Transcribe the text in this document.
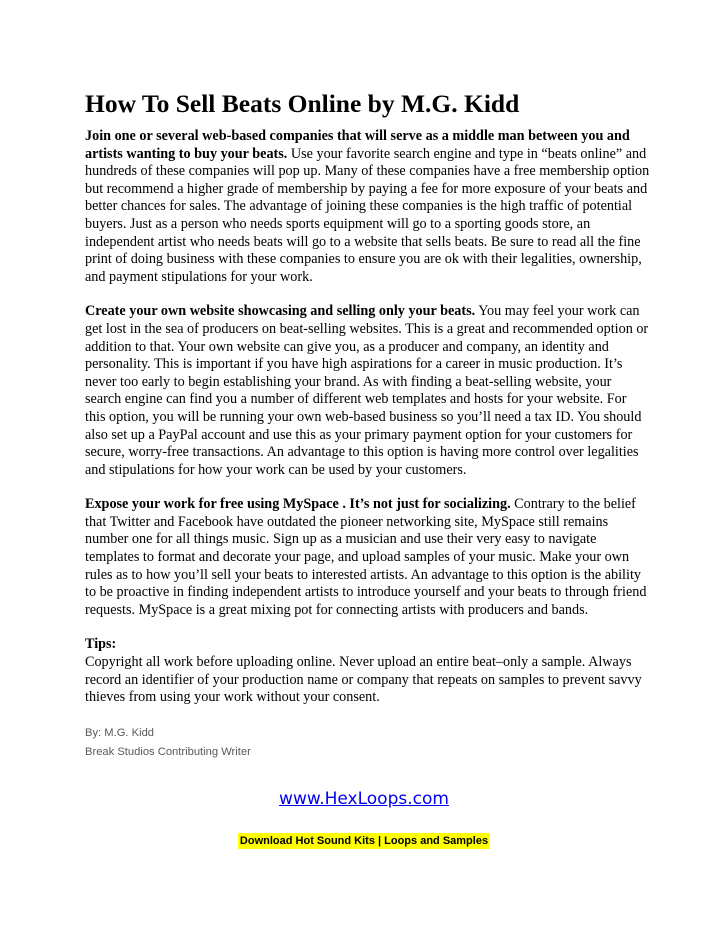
How To Sell Beats Online by M.G. Kidd

Join one or several web-based companies that will serve as a middle man between you and artists wanting to buy your beats. Use your favorite search engine and type in “beats online” and hundreds of these companies will pop up. Many of these companies have a free membership option but recommend a higher grade of membership by paying a fee for more exposure of your beats and better chances for sales. The advantage of joining these companies is the high traffic of potential buyers. Just as a person who needs sports equipment will go to a sporting goods store, an independent artist who needs beats will go to a website that sells beats. Be sure to read all the fine print of doing business with these companies to ensure you are ok with their legalities, ownership, and payment stipulations for your work.

Create your own website showcasing and selling only your beats. You may feel your work can get lost in the sea of producers on beat-selling websites. This is a great and recommended option or addition to that. Your own website can give you, as a producer and company, an identity and personality. This is important if you have high aspirations for a career in music production. It’s never too early to begin establishing your brand. As with finding a beat-selling website, your search engine can find you a number of different web templates and hosts for your website. For this option, you will be running your own web-based business so you’ll need a tax ID. You should also set up a PayPal account and use this as your primary payment option for your customers for secure, worry-free transactions. An advantage to this option is having more control over legalities and stipulations for how your work can be used by your customers.

Expose your work for free using MySpace . It’s not just for socializing. Contrary to the belief that Twitter and Facebook have outdated the pioneer networking site, MySpace still remains number one for all things music. Sign up as a musician and use their very easy to navigate templates to format and decorate your page, and upload samples of your music. Make your own rules as to how you’ll sell your beats to interested artists. An advantage to this option is the ability to be proactive in finding independent artists to introduce yourself and your beats to through friend requests. MySpace is a great mixing pot for connecting artists with producers and bands.

Tips:
Copyright all work before uploading online. Never upload an entire beat–only a sample. Always record an identifier of your production name or company that repeats on samples to prevent savvy thieves from using your work without your consent.

By: M.G. Kidd
Break Studios Contributing Writer
www.HexLoops.com
Download Hot Sound Kits | Loops and Samples
